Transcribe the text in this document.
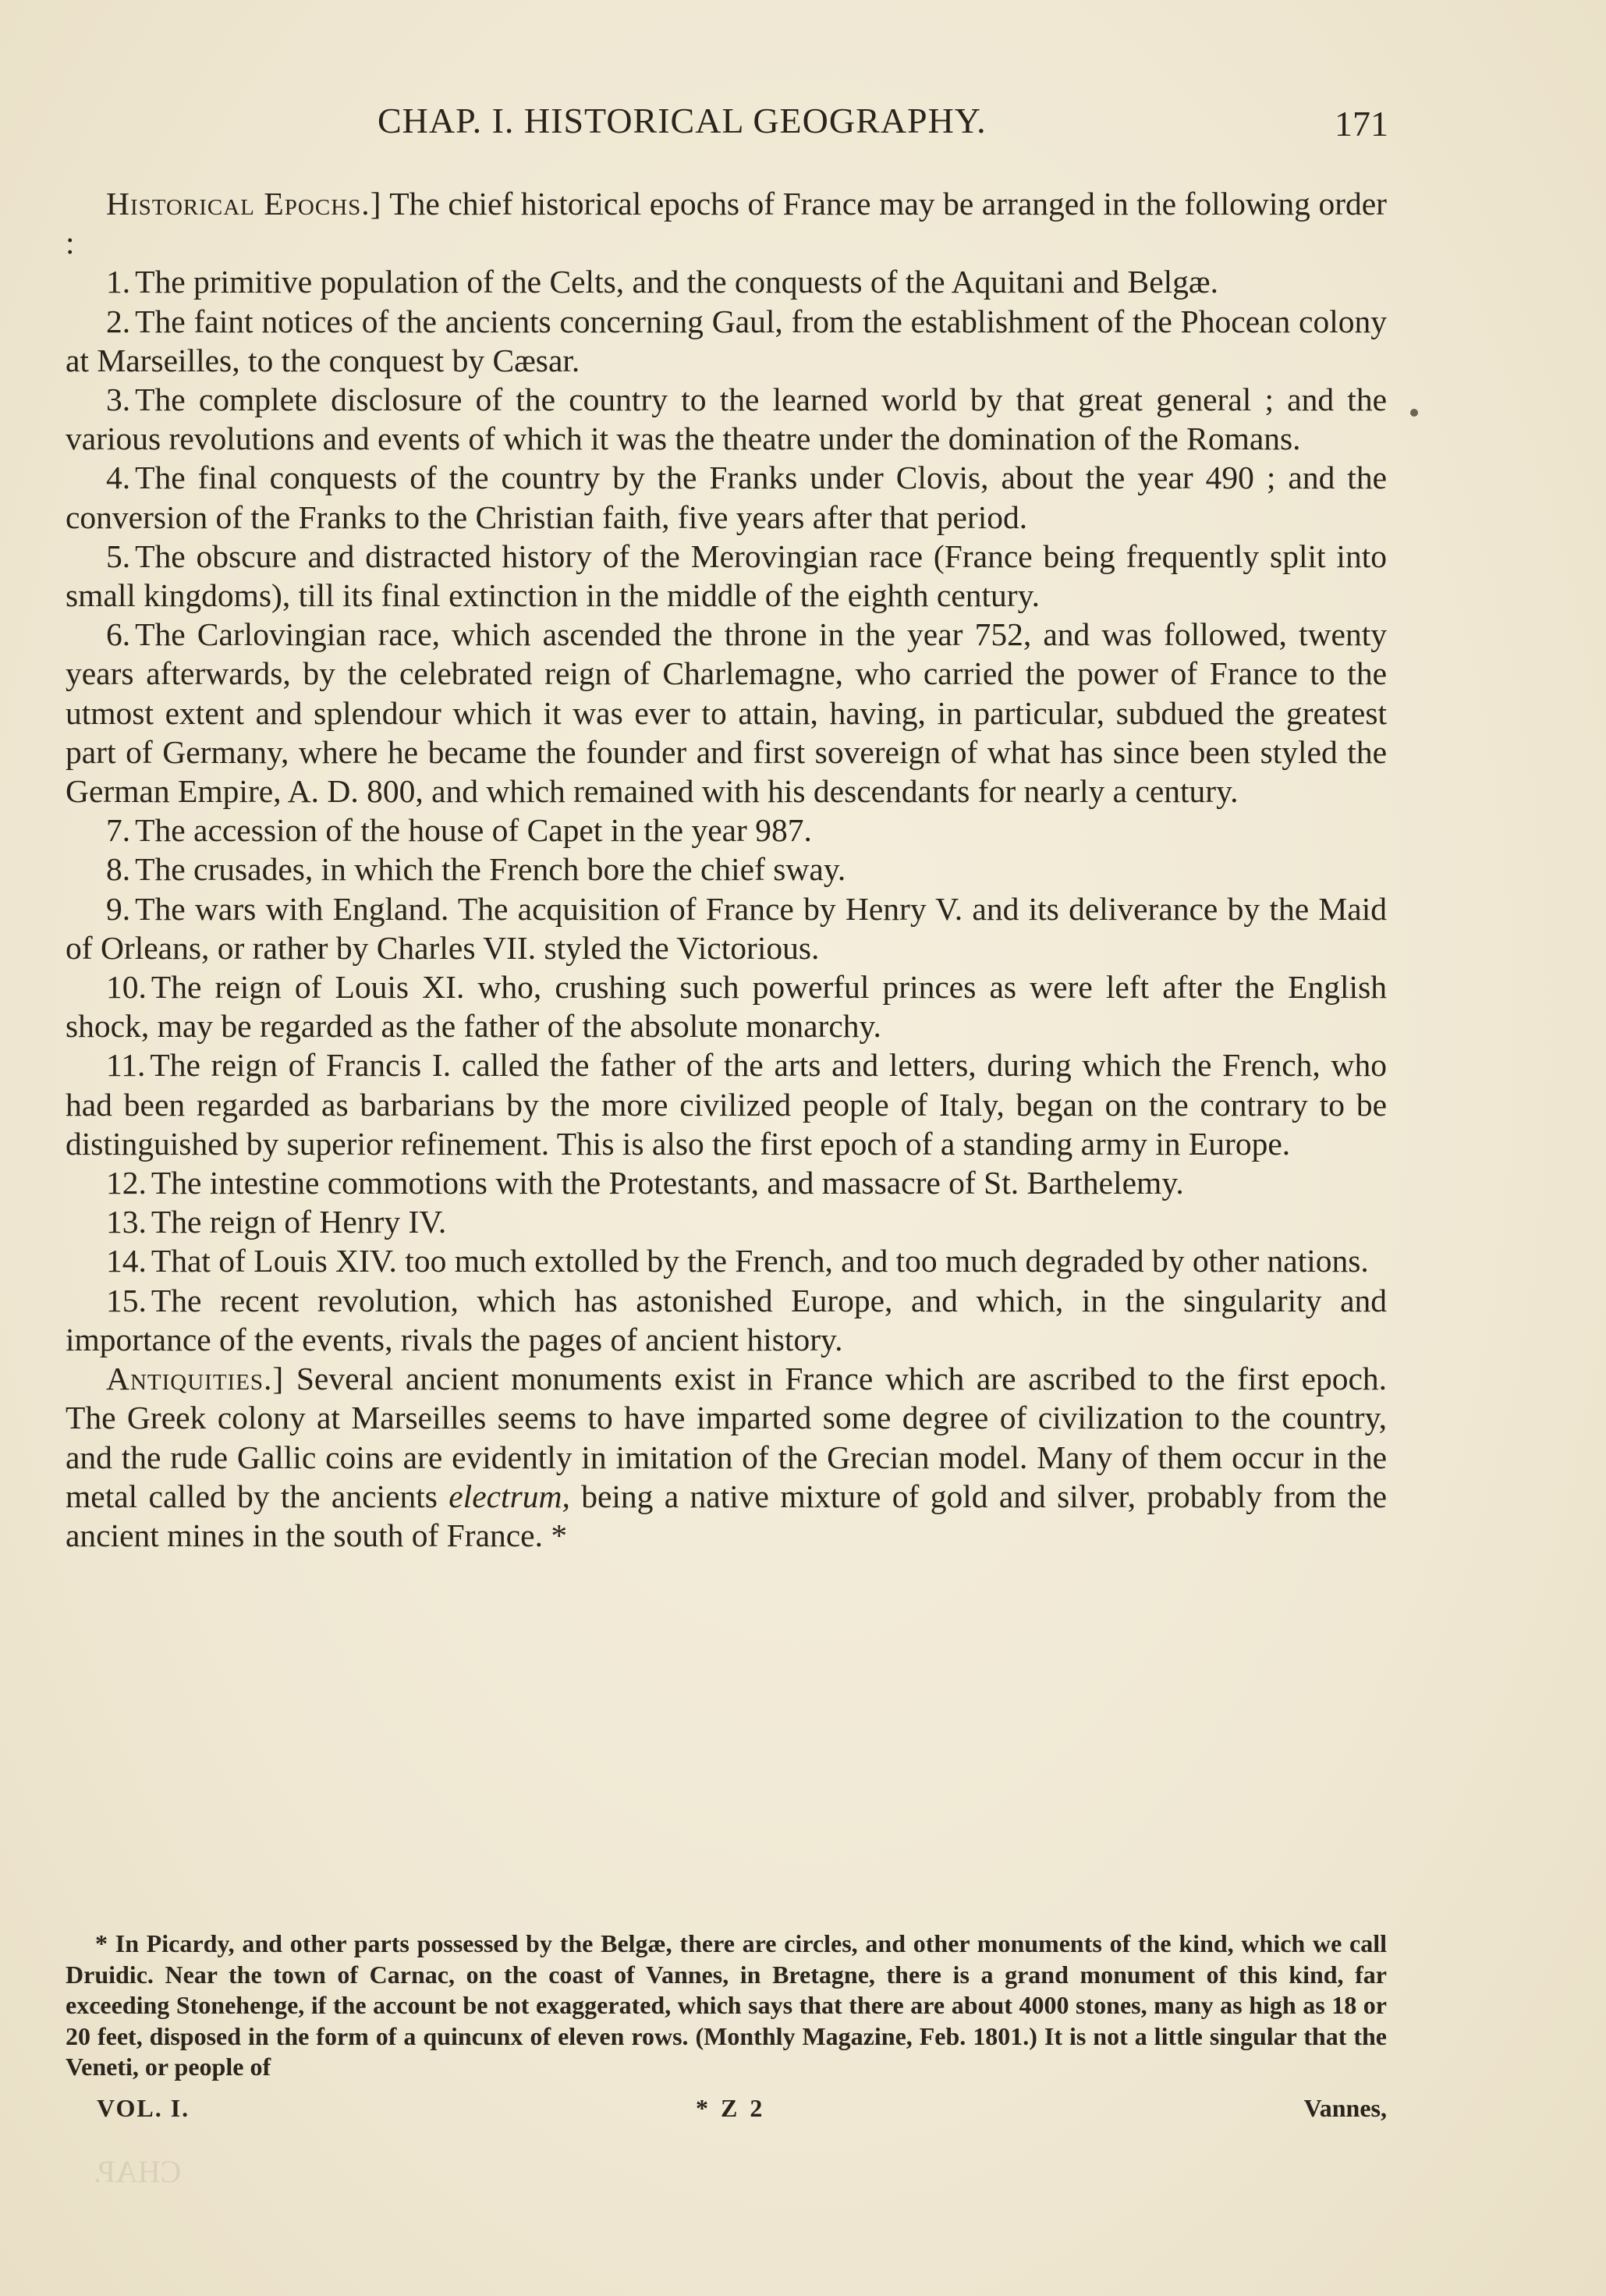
CHAP.
CHAP. I. HISTORICAL GEOGRAPHY.	171

Historical Epochs.] The chief historical epochs of France may be arranged in the following order :

1. The primitive population of the Celts, and the conquests of the Aquitani and Belgæ.

2. The faint notices of the ancients concerning Gaul, from the establishment of the Phocean colony at Marseilles, to the conquest by Cæsar.

3. The complete disclosure of the country to the learned world by that great general ; and the various revolutions and events of which it was the theatre under the domination of the Romans.

4. The final conquests of the country by the Franks under Clovis, about the year 490 ; and the conversion of the Franks to the Christian faith, five years after that period.

5. The obscure and distracted history of the Merovingian race (France being frequently split into small kingdoms), till its final extinction in the middle of the eighth century.

6. The Carlovingian race, which ascended the throne in the year 752, and was followed, twenty years afterwards, by the celebrated reign of Charlemagne, who carried the power of France to the utmost extent and splendour which it was ever to attain, having, in particular, subdued the greatest part of Germany, where he became the founder and first sovereign of what has since been styled the German Empire, A. D. 800, and which remained with his descendants for nearly a century.

7. The accession of the house of Capet in the year 987.

8. The crusades, in which the French bore the chief sway.

9. The wars with England. The acquisition of France by Henry V. and its deliverance by the Maid of Orleans, or rather by Charles VII. styled the Victorious.

10. The reign of Louis XI. who, crushing such powerful princes as were left after the English shock, may be regarded as the father of the absolute monarchy.

11. The reign of Francis I. called the father of the arts and letters, during which the French, who had been regarded as barbarians by the more civilized people of Italy, began on the contrary to be distinguished by superior refinement. This is also the first epoch of a standing army in Europe.

12. The intestine commotions with the Protestants, and massacre of St. Barthelemy.

13. The reign of Henry IV.

14. That of Louis XIV. too much extolled by the French, and too much degraded by other nations.

15. The recent revolution, which has astonished Europe, and which, in the singularity and importance of the events, rivals the pages of ancient history.

Antiquities.] Several ancient monuments exist in France which are ascribed to the first epoch. The Greek colony at Marseilles seems to have imparted some degree of civilization to the country, and the rude Gallic coins are evidently in imitation of the Grecian model. Many of them occur in the metal called by the ancients electrum, being a native mixture of gold and silver, probably from the ancient mines in the south of France. *

* In Picardy, and other parts possessed by the Belgæ, there are circles, and other monuments of the kind, which we call Druidic. Near the town of Carnac, on the coast of Vannes, in Bretagne, there is a grand monument of this kind, far exceeding Stonehenge, if the account be not exaggerated, which says that there are about 4000 stones, many as high as 18 or 20 feet, disposed in the form of a quincunx of eleven rows. (Monthly Magazine, Feb. 1801.) It is not a little singular that the Veneti, or people of

VOL. I.	* Z 2	Vannes,
